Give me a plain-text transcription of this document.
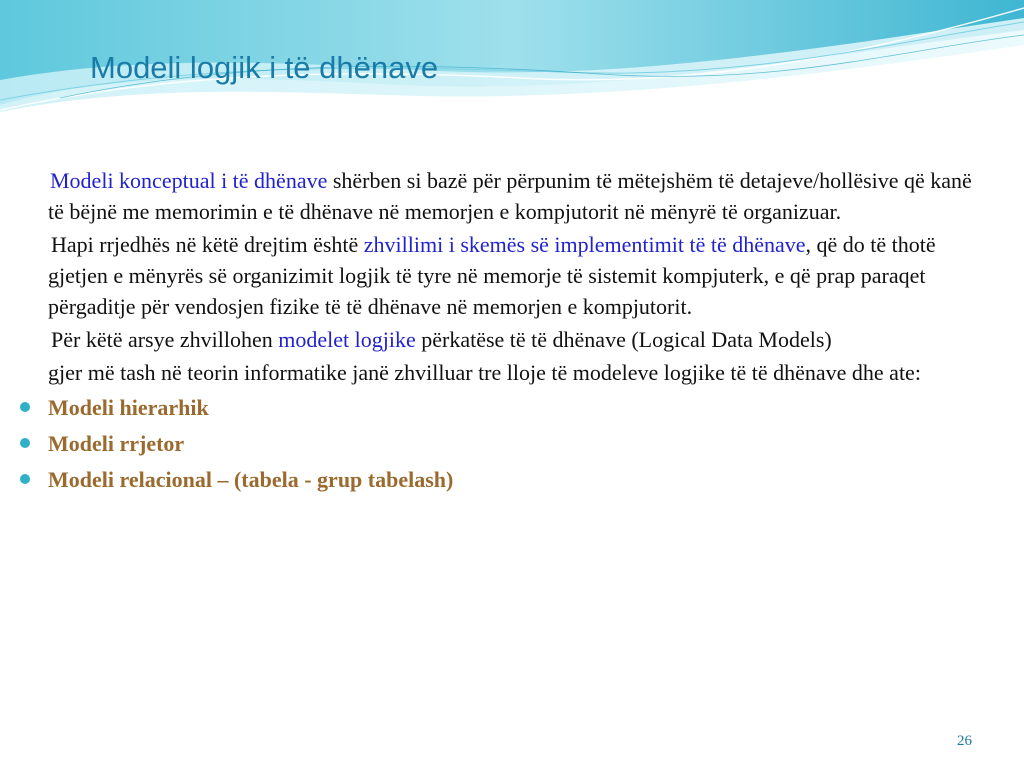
Modeli logjik i të dhënave

Modeli konceptual i të dhënave shërben si bazë për përpunim të mëtejshëm të detajeve/hollësive që kanë të bëjnë me memorimin e të dhënave në memorjen e kompjutorit në mënyrë të organizuar.

Hapi rrjedhës në këtë drejtim është zhvillimi i skemës së implementimit të të dhënave, që do të thotë gjetjen e mënyrës së organizimit logjik të tyre në memorje të sistemit kompjuterk, e që prap paraqet përgaditje për vendosjen fizike të të dhënave në memorjen e kompjutorit.

Për këtë arsye zhvillohen modelet logjike përkatëse të të dhënave (Logical Data Models)

gjer më tash në teorin informatike janë zhvilluar tre lloje të modeleve logjike të të dhënave dhe ate:

Modeli hierarhik
Modeli rrjetor
Modeli relacional – (tabela - grup tabelash)
26
